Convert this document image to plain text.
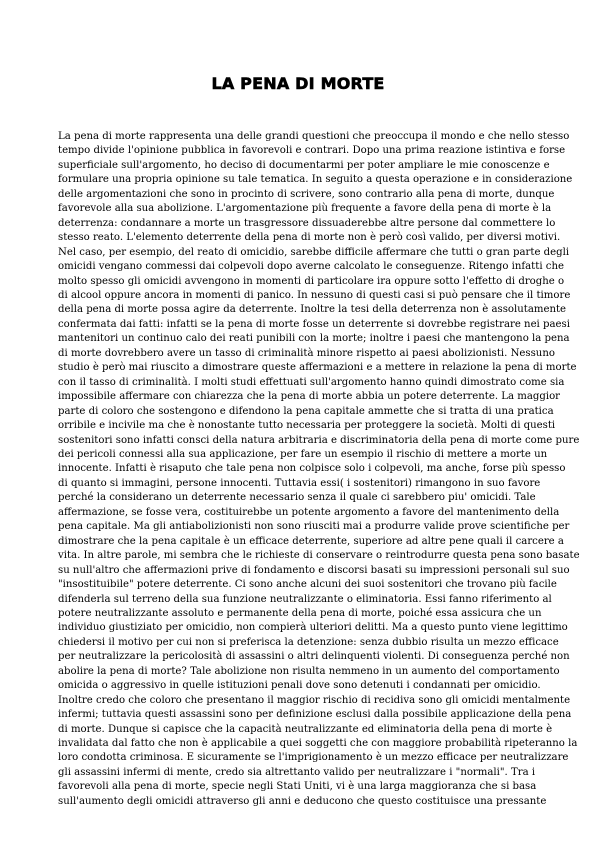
LA PENA DI MORTE
La pena di morte rappresenta una delle grandi questioni che preoccupa il mondo e che nello stesso
tempo divide l'opinione pubblica in favorevoli e contrari. Dopo una prima reazione istintiva e forse
superficiale sull'argomento, ho deciso di documentarmi per poter ampliare le mie conoscenze e
formulare una propria opinione su tale tematica. In seguito a questa operazione e in considerazione
delle argomentazioni che sono in procinto di scrivere, sono contrario alla pena di morte, dunque
favorevole alla sua abolizione. L'argomentazione più frequente a favore della pena di morte è la
deterrenza: condannare a morte un trasgressore dissuaderebbe altre persone dal commettere lo
stesso reato. L'elemento deterrente della pena di morte non è però così valido, per diversi motivi.
Nel caso, per esempio, del reato di omicidio, sarebbe difficile affermare che tutti o gran parte degli
omicidi vengano commessi dai colpevoli dopo averne calcolato le conseguenze. Ritengo infatti che
molto spesso gli omicidi avvengono in momenti di particolare ira oppure sotto l'effetto di droghe o
di alcool oppure ancora in momenti di panico. In nessuno di questi casi si può pensare che il timore
della pena di morte possa agire da deterrente. Inoltre la tesi della deterrenza non è assolutamente
confermata dai fatti: infatti se la pena di morte fosse un deterrente si dovrebbe registrare nei paesi
mantenitori un continuo calo dei reati punibili con la morte; inoltre i paesi che mantengono la pena
di morte dovrebbero avere un tasso di criminalità minore rispetto ai paesi abolizionisti. Nessuno
studio è però mai riuscito a dimostrare queste affermazioni e a mettere in relazione la pena di morte
con il tasso di criminalità. I molti studi effettuati sull'argomento hanno quindi dimostrato come sia
impossibile affermare con chiarezza che la pena di morte abbia un potere deterrente. La maggior
parte di coloro che sostengono e difendono la pena capitale ammette che si tratta di una pratica
orribile e incivile ma che è nonostante tutto necessaria per proteggere la società. Molti di questi
sostenitori sono infatti consci della natura arbitraria e discriminatoria della pena di morte come pure
dei pericoli connessi alla sua applicazione, per fare un esempio il rischio di mettere a morte un
innocente. Infatti è risaputo che tale pena non colpisce solo i colpevoli, ma anche, forse più spesso
di quanto si immagini, persone innocenti. Tuttavia essi( i sostenitori) rimangono in suo favore
perché la considerano un deterrente necessario senza il quale ci sarebbero piu' omicidi. Tale
affermazione, se fosse vera, costituirebbe un potente argomento a favore del mantenimento della
pena capitale. Ma gli antiabolizionisti non sono riusciti mai a produrre valide prove scientifiche per
dimostrare che la pena capitale è un efficace deterrente, superiore ad altre pene quali il carcere a
vita. In altre parole, mi sembra che le richieste di conservare o reintrodurre questa pena sono basate
su null'altro che affermazioni prive di fondamento e discorsi basati su impressioni personali sul suo
"insostituibile" potere deterrente. Ci sono anche alcuni dei suoi sostenitori che trovano più facile
difenderla sul terreno della sua funzione neutralizzante o eliminatoria. Essi fanno riferimento al
potere neutralizzante assoluto e permanente della pena di morte, poiché essa assicura che un
individuo giustiziato per omicidio, non compierà ulteriori delitti. Ma a questo punto viene legittimo
chiedersi il motivo per cui non si preferisca la detenzione: senza dubbio risulta un mezzo efficace
per neutralizzare la pericolosità di assassini o altri delinquenti violenti. Di conseguenza perché non
abolire la pena di morte? Tale abolizione non risulta nemmeno in un aumento del comportamento
omicida o aggressivo in quelle istituzioni penali dove sono detenuti i condannati per omicidio.
Inoltre credo che coloro che presentano il maggior rischio di recidiva sono gli omicidi mentalmente
infermi; tuttavia questi assassini sono per definizione esclusi dalla possibile applicazione della pena
di morte. Dunque si capisce che la capacità neutralizzante ed eliminatoria della pena di morte è
invalidata dal fatto che non è applicabile a quei soggetti che con maggiore probabilità ripeteranno la
loro condotta criminosa. E sicuramente se l'imprigionamento è un mezzo efficace per neutralizzare
gli assassini infermi di mente, credo sia altrettanto valido per neutralizzare i "normali". Tra i
favorevoli alla pena di morte, specie negli Stati Uniti, vi è una larga maggioranza che si basa
sull'aumento degli omicidi attraverso gli anni e deducono che questo costituisce una pressante
